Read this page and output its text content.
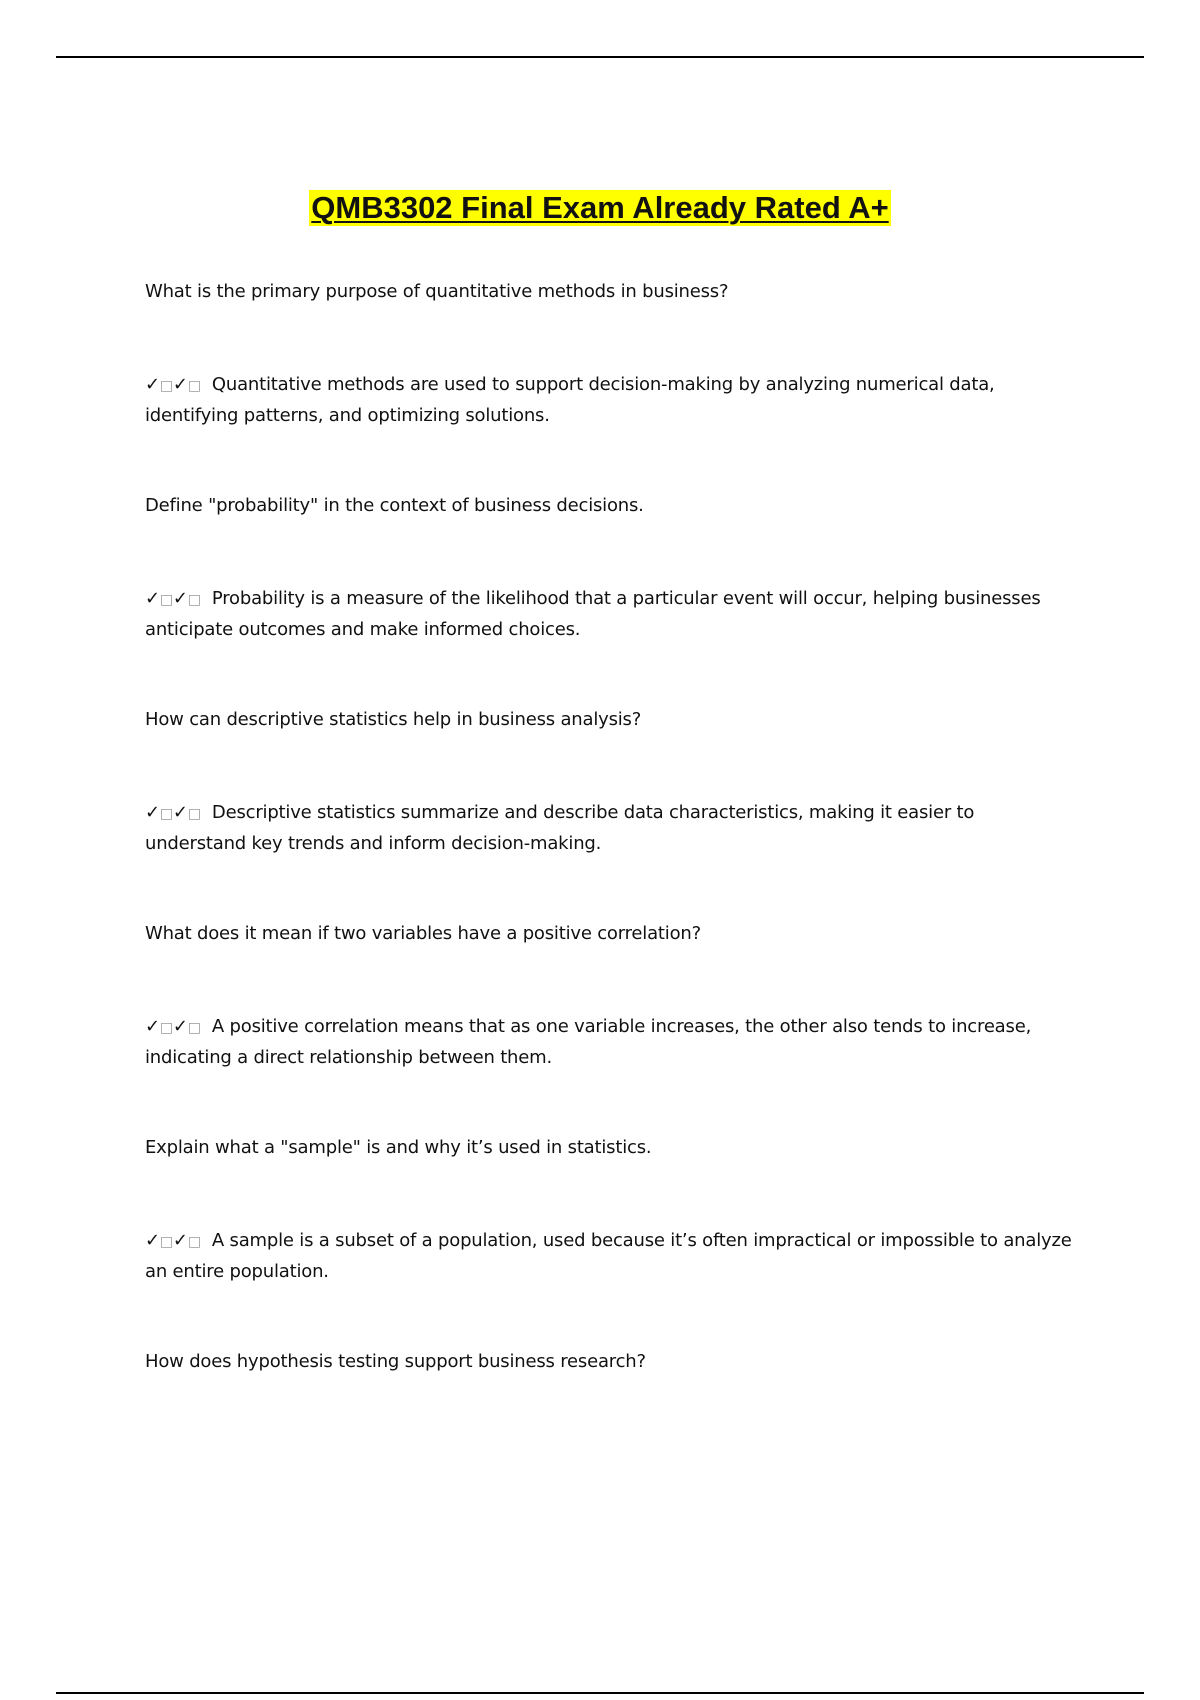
QMB3302 Final Exam Already Rated A+

What is the primary purpose of quantitative methods in business?

✓□✓□ Quantitative methods are used to support decision-making by analyzing numerical data, identifying patterns, and optimizing solutions.

Define "probability" in the context of business decisions.

✓□✓□ Probability is a measure of the likelihood that a particular event will occur, helping businesses anticipate outcomes and make informed choices.

How can descriptive statistics help in business analysis?

✓□✓□ Descriptive statistics summarize and describe data characteristics, making it easier to understand key trends and inform decision-making.

What does it mean if two variables have a positive correlation?

✓□✓□ A positive correlation means that as one variable increases, the other also tends to increase, indicating a direct relationship between them.

Explain what a "sample" is and why it’s used in statistics.

✓□✓□ A sample is a subset of a population, used because it’s often impractical or impossible to analyze an entire population.

How does hypothesis testing support business research?
